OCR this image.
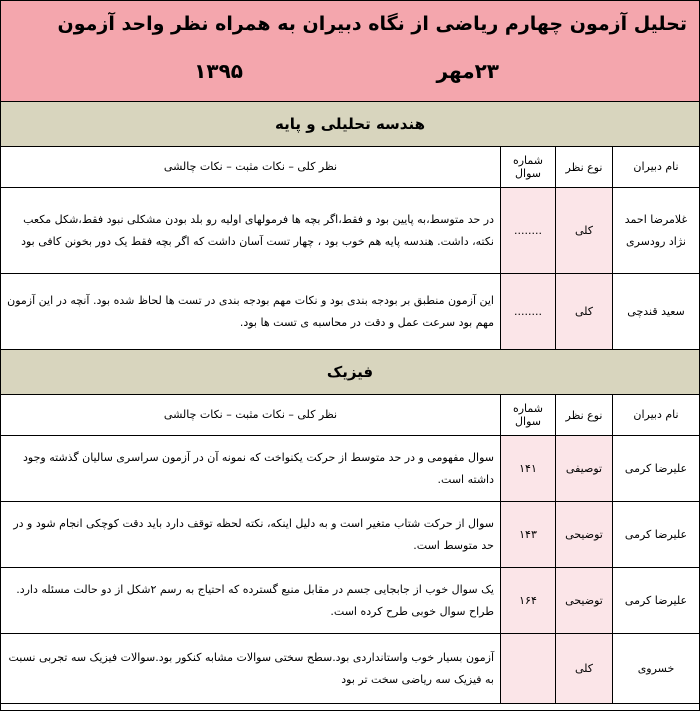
تحلیل آزمون چهارم ریاضی از نگاه دبیران به همراه نظر واحد آزمون
۲۳مهر
۱۳۹۵
هندسه تحلیلی و پایه
نام دبیران	نوع نظر	شماره سوال	نظر کلی – نکات مثبت – نکات چالشی
غلامرضا احمد نژاد رودسری	کلی	........	در حد متوسط،به پایین بود و فقط،اگر بچه ها فرمولهای اولیه رو بلد بودن مشکلی نبود فقط،شکل مکعب نکته، داشت. هندسه پایه هم خوب بود ، چهار تست آسان داشت که اگر بچه فقط یک دور بخونن کافی بود
سعید قندچی	کلی	........	این آزمون منطبق بر بودجه بندی بود و نکات مهم بودجه بندی در تست ها لحاظ شده بود. آنچه در این آزمون مهم بود سرعت عمل و دقت در محاسبه ی تست ها بود.
فیزیک
نام دبیران	نوع نظر	شماره سوال	نظر کلی – نکات مثبت – نکات چالشی
علیرضا کرمی	توصیفی	۱۴۱	سوال مفهومی و در حد متوسط از حرکت یکنواخت که نمونه آن در آزمون سراسری سالیان گذشته وجود داشته است.
علیرضا کرمی	توضیحی	۱۴۳	سوال از حرکت شتاب متغیر است و به دلیل اینکه، نکته لحظه توقف دارد باید دقت کوچکی انجام شود و در حد متوسط است.
علیرضا کرمی	توضیحی	۱۶۴	یک سوال خوب از جابجایی جسم در مقابل منبع گسترده که احتیاج به رسم ۲شکل از دو حالت مسئله دارد. طراح سوال خوبی طرح کرده است.
خسروی	کلی		آزمون بسیار خوب واستانداردی بود.سطح سختی سوالات مشابه کنکور بود.سوالات فیزیک سه تجربی نسبت به فیزیک سه ریاضی سخت تر بود
